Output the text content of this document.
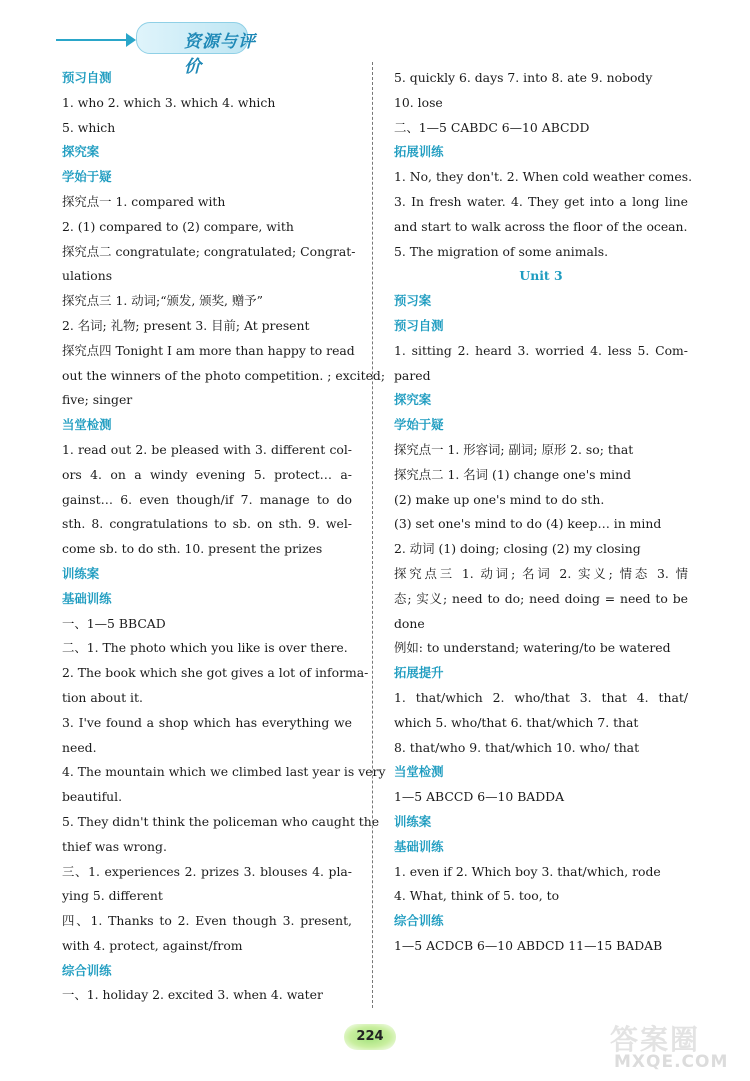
资源与评价
预习自测
1. who 2. which 3. which 4. which
5. which
探究案
学始于疑
探究点一 1. compared with
2. (1) compared to (2) compare, with
探究点二 congratulate; congratulated; Congrat-
ulations
探究点三 1. 动词;“颁发, 颁奖, 赠予”
2. 名词; 礼物; present 3. 目前; At present
探究点四 Tonight I am more than happy to read
out the winners of the photo competition. ; excited;
five; singer
当堂检测
1. read out 2. be pleased with 3. different col-
ors 4. on a windy evening 5. protect… a-
gainst… 6. even though/if 7. manage to do
sth. 8. congratulations to sb. on sth. 9. wel-
come sb. to do sth. 10. present the prizes
训练案
基础训练
一、1—5 BBCAD
二、1. The photo which you like is over there.
2. The book which she got gives a lot of informa-
tion about it.
3. I've found a shop which has everything we
need.
4. The mountain which we climbed last year is very
beautiful.
5. They didn't think the policeman who caught the
thief was wrong.
三、1. experiences 2. prizes 3. blouses 4. pla-
ying 5. different
四、1. Thanks to 2. Even though 3. present,
with 4. protect, against/from
综合训练
一、1. holiday 2. excited 3. when 4. water
5. quickly 6. days 7. into 8. ate 9. nobody
10. lose
二、1—5 CABDC 6—10 ABCDD
拓展训练
1. No, they don't. 2. When cold weather comes.
3. In fresh water. 4. They get into a long line
and start to walk across the floor of the ocean.
5. The migration of some animals.
Unit 3
预习案
预习自测
1. sitting 2. heard 3. worried 4. less 5. Com-
pared
探究案
学始于疑
探究点一 1. 形容词; 副词; 原形 2. so; that
探究点二 1. 名词 (1) change one's mind
(2) make up one's mind to do sth.
(3) set one's mind to do (4) keep… in mind
2. 动词 (1) doing; closing (2) my closing
探究点三 1. 动词; 名词 2. 实义; 情态 3. 情
态; 实义; need to do; need doing = need to be
done
例如: to understand; watering/to be watered
拓展提升
1. that/which 2. who/that 3. that 4. that/
which 5. who/that 6. that/which 7. that
8. that/who 9. that/which 10. who/ that
当堂检测
1—5 ABCCD 6—10 BADDA
训练案
基础训练
1. even if 2. Which boy 3. that/which, rode
4. What, think of 5. too, to
综合训练
1—5 ACDCB 6—10 ABDCD 11—15 BADAB
224	答案圈
MXQE.COM
